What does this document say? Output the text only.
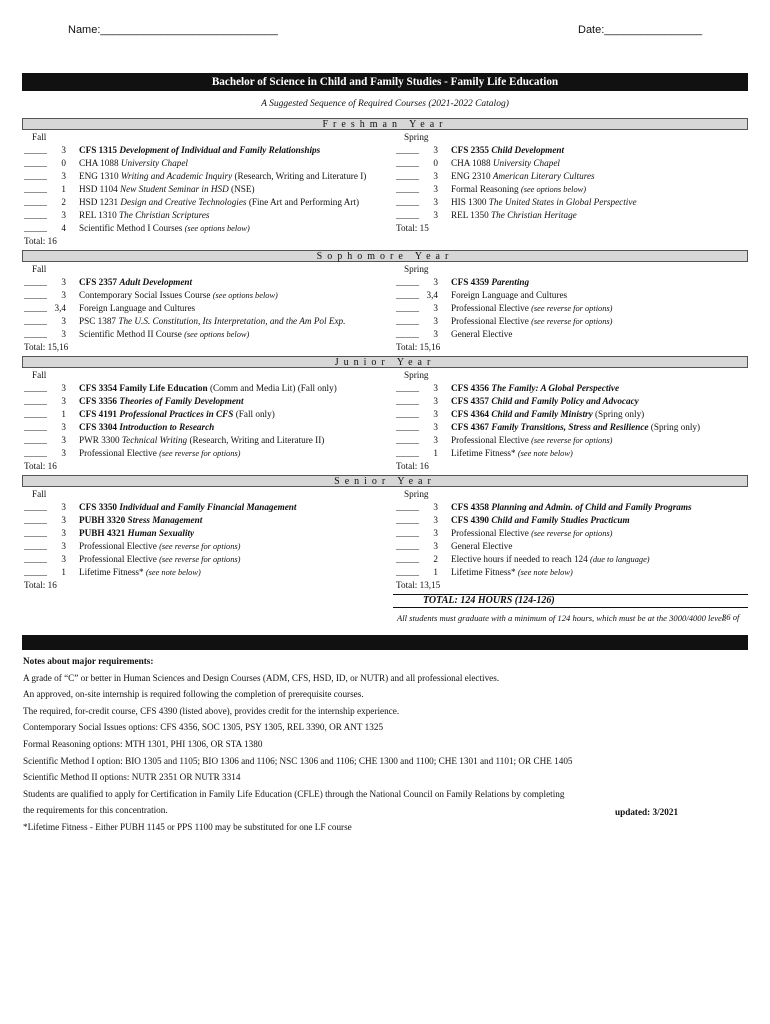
Name:_____________________________	Date:________________
Bachelor of Science in Child and Family Studies - Family Life Education
A Suggested Sequence of Required Courses (2021-2022 Catalog)
Freshman Year
Fall
_____	3	CFS 1315 Development of Individual and Family Relationships
_____	0	CHA 1088 University Chapel
_____	3	ENG 1310 Writing and Academic Inquiry (Research, Writing and Literature I)
_____	1	HSD 1104 New Student Seminar in HSD (NSE)
_____	2	HSD 1231 Design and Creative Technologies (Fine Art and Performing Art)
_____	3	REL 1310 The Christian Scriptures
_____	4	Scientific Method I Courses (see options below)
Total: 16
Spring
_____	3	CFS 2355 Child Development
_____	0	CHA 1088 University Chapel
_____	3	ENG 2310 American Literary Cultures
_____	3	Formal Reasoning (see options below)
_____	3	HIS 1300 The United States in Global Perspective
_____	3	REL 1350 The Christian Heritage
Total: 15
Sophomore Year
Fall
_____	3	CFS 2357 Adult Development
_____	3	Contemporary Social Issues Course (see options below)
_____ 3,4	Foreign Language and Cultures
_____	3	PSC 1387 The U.S. Constitution, Its Interpretation, and the Am Pol Exp.
_____	3	Scientific Method II Course (see options below)
Total: 15,16
Spring
_____	3	CFS 4359 Parenting
_____ 3,4	Foreign Language and Cultures
_____	3	Professional Elective (see reverse for options)
_____	3	Professional Elective (see reverse for options)
_____	3	General Elective
Total: 15,16
Junior Year
Fall
_____	3	CFS 3354 Family Life Education (Comm and Media Lit) (Fall only)
_____	3	CFS 3356 Theories of Family Development
_____	1	CFS 4191 Professional Practices in CFS (Fall only)
_____	3	CFS 3304 Introduction to Research
_____	3	PWR 3300 Technical Writing (Research, Writing and Literature II)
_____	3	Professional Elective (see reverse for options)
Total: 16
Spring
_____	3	CFS 4356 The Family: A Global Perspective
_____	3	CFS 4357 Child and Family Policy and Advocacy
_____	3	CFS 4364 Child and Family Ministry (Spring only)
_____	3	CFS 4367 Family Transitions, Stress and Resilience (Spring only)
_____	3	Professional Elective (see reverse for options)
_____	1	Lifetime Fitness* (see note below)
Total: 16
Senior Year
Fall
_____	3	CFS 3350 Individual and Family Financial Management
_____	3	PUBH 3320 Stress Management
_____	3	PUBH 4321 Human Sexuality
_____	3	Professional Elective (see reverse for options)
_____	3	Professional Elective (see reverse for options)
_____	1	Lifetime Fitness* (see note below)
Total: 16
Spring
_____	3	CFS 4358 Planning and Admin. of Child and Family Programs
_____	3	CFS 4390 Child and Family Studies Practicum
_____	3	Professional Elective (see reverse for options)
_____	3	General Elective
_____	2	Elective hours if needed to reach 124 (due to language)
_____	1	Lifetime Fitness* (see note below)
Total: 13,15
TOTAL: 124 HOURS (124-126)
All students must graduate with a minimum of 124 hours, which must be at the 3000/4000 level.
36 of
Notes about major requirements:
A grade of “C” or better in Human Sciences and Design Courses (ADM, CFS, HSD, ID, or NUTR) and all professional electives.
An approved, on-site internship is required following the completion of prerequisite courses.
The required, for-credit course, CFS 4390 (listed above), provides credit for the internship experience.
Contemporary Social Issues options: CFS 4356, SOC 1305, PSY 1305, REL 3390, OR ANT 1325
Formal Reasoning options: MTH 1301, PHI 1306, OR STA 1380
Scientific Method I option: BIO 1305 and 1105; BIO 1306 and 1106; NSC 1306 and 1106; CHE 1300 and 1100; CHE 1301 and 1101; OR CHE 1405
Scientific Method II options: NUTR 2351 OR NUTR 3314
Students are qualified to apply for Certification in Family Life Education (CFLE) through the National Council on Family Relations by completing
the requirements for this concentration.
*Lifetime Fitness - Either PUBH 1145 or PPS 1100 may be substituted for one LF course
updated: 3/2021
